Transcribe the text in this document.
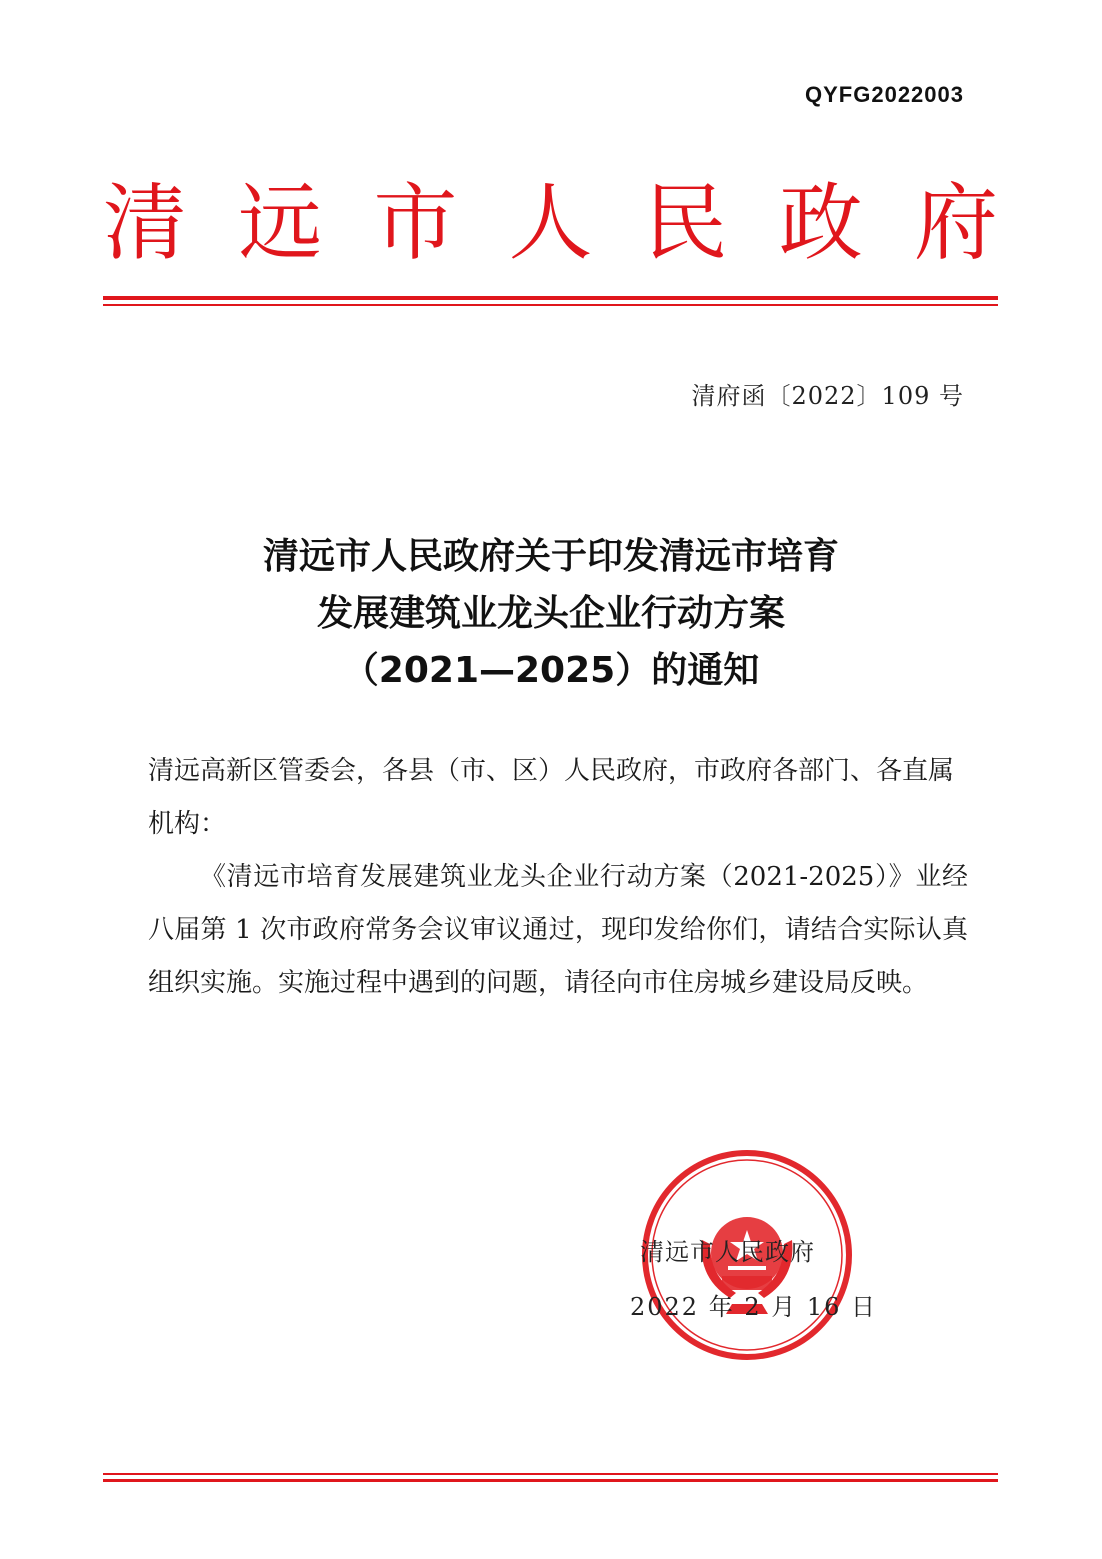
QYFG2022003
清 远 市 人 民 政 府
清府函〔2022〕109 号
清远市人民政府关于印发清远市培育
发展建筑业龙头企业行动方案
（2021—2025）的通知

清远高新区管委会，各县（市、区）人民政府，市政府各部门、各直属机构：

《清远市培育发展建筑业龙头企业行动方案（2021-2025）》业经八届第 1 次市政府常务会议审议通过，现印发给你们，请结合实际认真组织实施。实施过程中遇到的问题，请径向市住房城乡建设局反映。

清远市人民政府
2022 年 2 月 16 日
